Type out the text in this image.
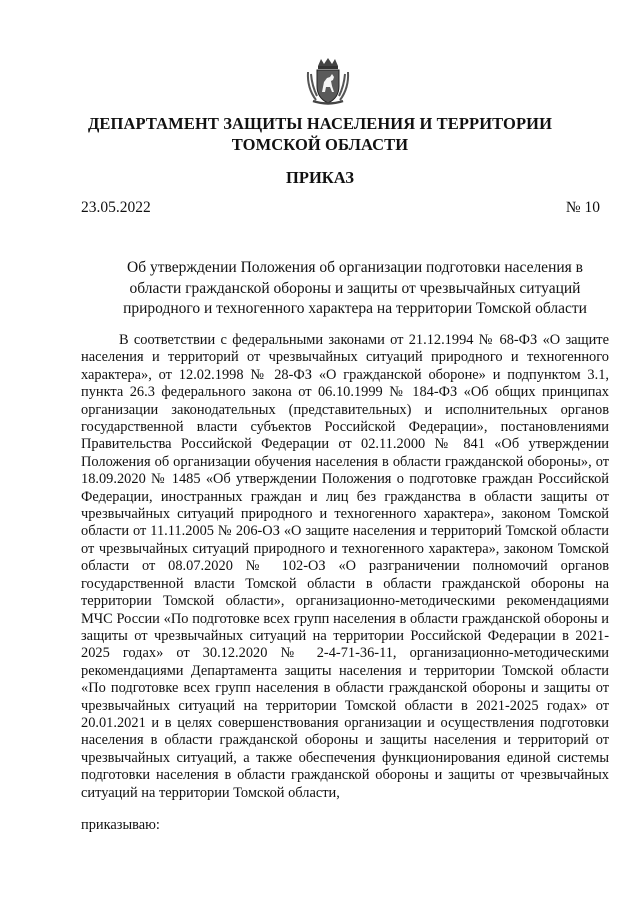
ДЕПАРТАМЕНТ ЗАЩИТЫ НАСЕЛЕНИЯ И ТЕРРИТОРИИ
ТОМСКОЙ ОБЛАСТИ
ПРИКАЗ
23.05.2022	№ 10
Об утверждении Положения об организации подготовки населения в
области гражданской обороны и защиты от чрезвычайных ситуаций
природного и техногенного характера на территории Томской области

В соответствии с федеральными законами от 21.12.1994 № 68-ФЗ «О защите населения и территорий от чрезвычайных ситуаций природного и техногенного характера», от 12.02.1998 № 28-ФЗ «О гражданской обороне» и подпунктом 3.1, пункта 26.3 федерального закона от 06.10.1999 № 184-ФЗ «Об общих принципах организации законодательных (представительных) и исполнительных органов государственной власти субъектов Российской Федерации», постановлениями Правительства Российской Федерации от 02.11.2000 № 841 «Об утверждении Положения об организации обучения населения в области гражданской обороны», от 18.09.2020 № 1485 «Об утверждении Положения о подготовке граждан Российской Федерации, иностранных граждан и лиц без гражданства в области защиты от чрезвычайных ситуаций природного и техногенного характера», законом Томской области от 11.11.2005 № 206-ОЗ «О защите населения и территорий Томской области от чрезвычайных ситуаций природного и техногенного характера», законом Томской области от 08.07.2020 № 102-ОЗ «О разграничении полномочий органов государственной власти Томской области в области гражданской обороны на территории Томской области», организационно-методическими рекомендациями МЧС России «По подготовке всех групп населения в области гражданской обороны и защиты от чрезвычайных ситуаций на территории Российской Федерации в 2021-2025 годах» от 30.12.2020 № 2-4-71-36-11, организационно-методическими рекомендациями Департамента защиты населения и территории Томской области «По подготовке всех групп населения в области гражданской обороны и защиты от чрезвычайных ситуаций на территории Томской области в 2021-2025 годах» от 20.01.2021 и в целях совершенствования организации и осуществления подготовки населения в области гражданской обороны и защиты населения и территорий от чрезвычайных ситуаций, а также обеспечения функционирования единой системы подготовки населения в области гражданской обороны и защиты от чрезвычайных ситуаций на территории Томской области,

приказываю:
